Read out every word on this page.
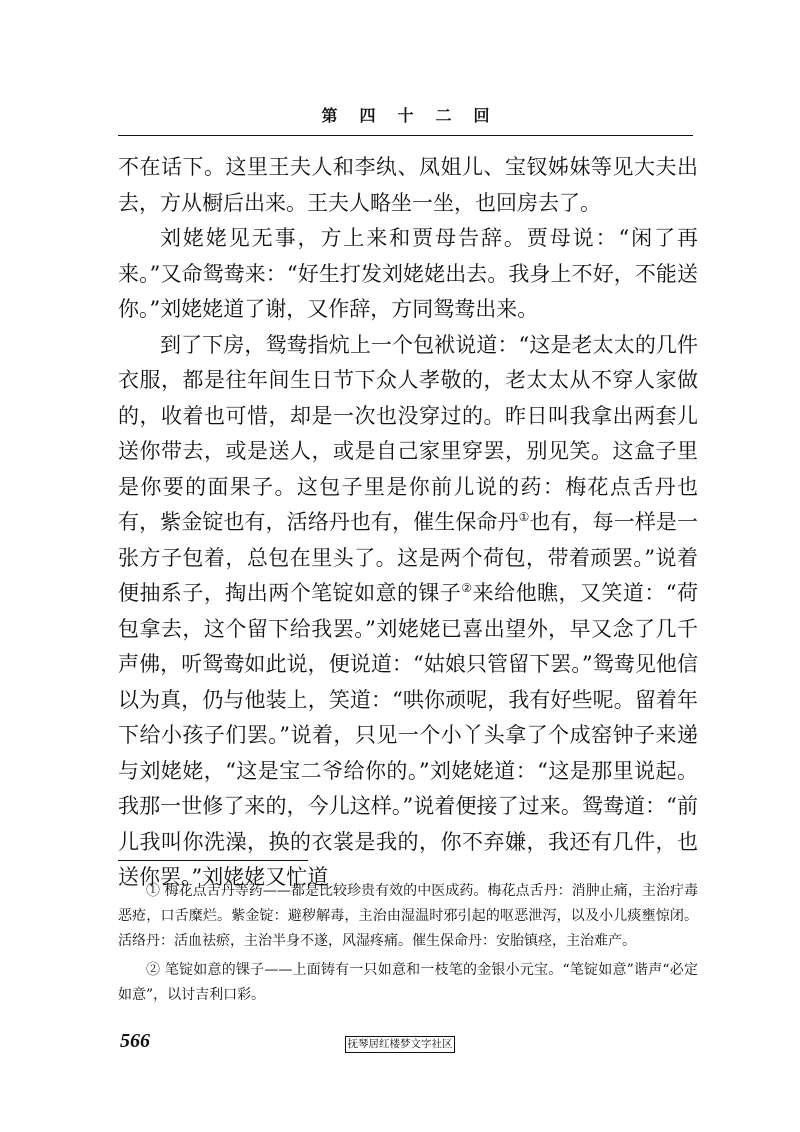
第四十二回

不在话下。这里王夫人和李纨、凤姐儿、宝钗姊妹等见大夫出去，方从橱后出来。王夫人略坐一坐，也回房去了。

刘姥姥见无事，方上来和贾母告辞。贾母说：“闲了再来。”又命鸳鸯来：“好生打发刘姥姥出去。我身上不好，不能送你。”刘姥姥道了谢，又作辞，方同鸳鸯出来。

到了下房，鸳鸯指炕上一个包袱说道：“这是老太太的几件衣服，都是往年间生日节下众人孝敬的，老太太从不穿人家做的，收着也可惜，却是一次也没穿过的。昨日叫我拿出两套儿送你带去，或是送人，或是自己家里穿罢，别见笑。这盒子里是你要的面果子。这包子里是你前儿说的药：梅花点舌丹也有，紫金锭也有，活络丹也有，催生保命丹①也有，每一样是一张方子包着，总包在里头了。这是两个荷包，带着顽罢。”说着便抽系子，掏出两个笔锭如意的锞子②来给他瞧，又笑道：“荷包拿去，这个留下给我罢。”刘姥姥已喜出望外，早又念了几千声佛，听鸳鸯如此说，便说道：“姑娘只管留下罢。”鸳鸯见他信以为真，仍与他装上，笑道：“哄你顽呢，我有好些呢。留着年下给小孩子们罢。”说着，只见一个小丫头拿了个成窑钟子来递与刘姥姥，“这是宝二爷给你的。”刘姥姥道：“这是那里说起。我那一世修了来的，今儿这样。”说着便接了过来。鸳鸯道：“前儿我叫你洗澡，换的衣裳是我的，你不弃嫌，我还有几件，也送你罢。”刘姥姥又忙道

① 梅花点舌丹等药——都是比较珍贵有效的中医成药。梅花点舌丹：消肿止痛，主治疔毒恶疮，口舌糜烂。紫金锭：避秽解毒，主治由湿温时邪引起的呕恶泄泻，以及小儿痰壅惊闭。活络丹：活血祛瘀，主治半身不遂，风湿疼痛。催生保命丹：安胎镇痉，主治难产。

② 笔锭如意的锞子——上面铸有一只如意和一枝笔的金银小元宝。“笔锭如意”谐声“必定如意”，以讨吉利口彩。

566	抚琴居红楼梦文字社区
